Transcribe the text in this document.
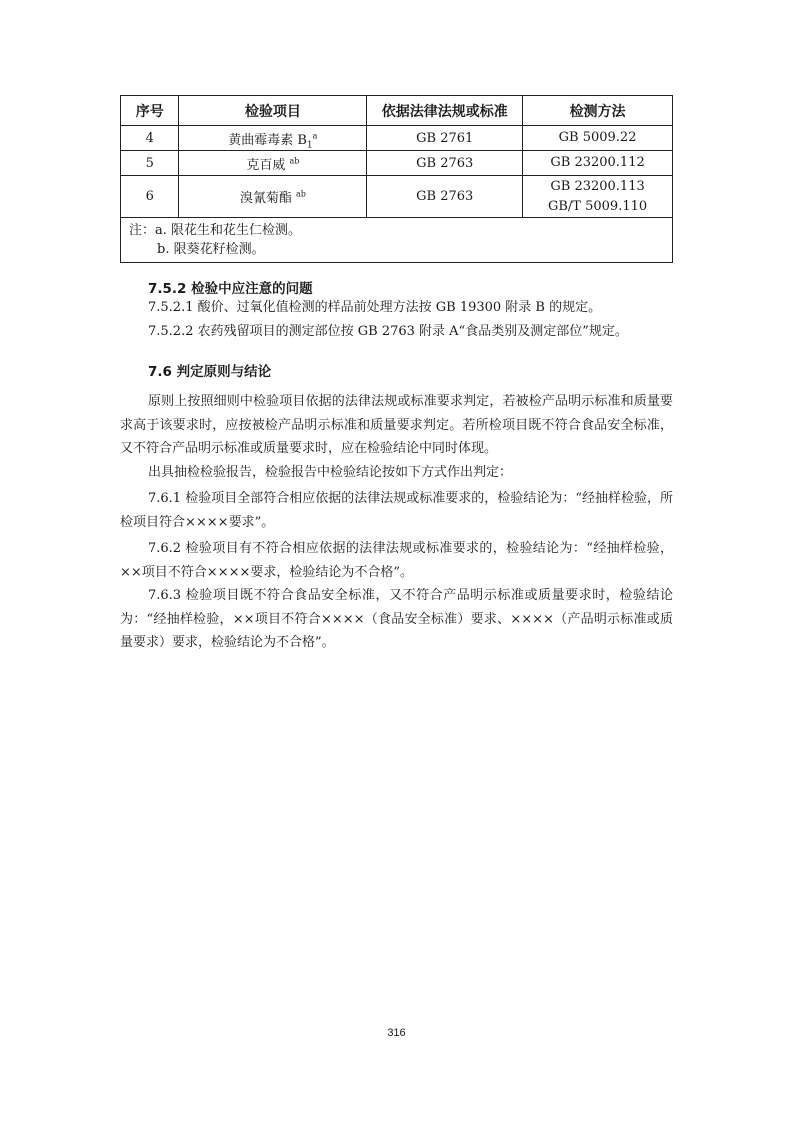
序号	检验项目	依据法律法规或标准	检测方法
4	黄曲霉毒素 $B_1^a$	GB 2761	GB 5009.22

5	克百威 $^{ab}$	GB 2763	GB 23200.112

6	溴氰菊酯 $^{ab}$	GB 2763	GB 23200.113
GB/T 5009.110

注：a. 限花生和花生仁检测。
b. 限葵花籽检测。			
7.5.2 检验中应注意的问题

7.5.2.1 酸价、过氧化值检测的样品前处理方法按 GB 19300 附录 B 的规定。

7.5.2.2 农药残留项目的测定部位按 GB 2763 附录 A“食品类别及测定部位”规定。

7.6 判定原则与结论

原则上按照细则中检验项目依据的法律法规或标准要求判定，若被检产品明示标准和质量要求高于该要求时，应按被检产品明示标准和质量要求判定。若所检项目既不符合食品安全标准，又不符合产品明示标准或质量要求时，应在检验结论中同时体现。

出具抽检检验报告，检验报告中检验结论按如下方式作出判定：

7.6.1 检验项目全部符合相应依据的法律法规或标准要求的，检验结论为：“经抽样检验，所检项目符合××××要求”。

7.6.2 检验项目有不符合相应依据的法律法规或标准要求的，检验结论为：“经抽样检验，××项目不符合××××要求，检验结论为不合格”。

7.6.3 检验项目既不符合食品安全标准，又不符合产品明示标准或质量要求时，检验结论为：“经抽样检验，××项目不符合××××（食品安全标准）要求、××××（产品明示标准或质量要求）要求，检验结论为不合格”。

316
